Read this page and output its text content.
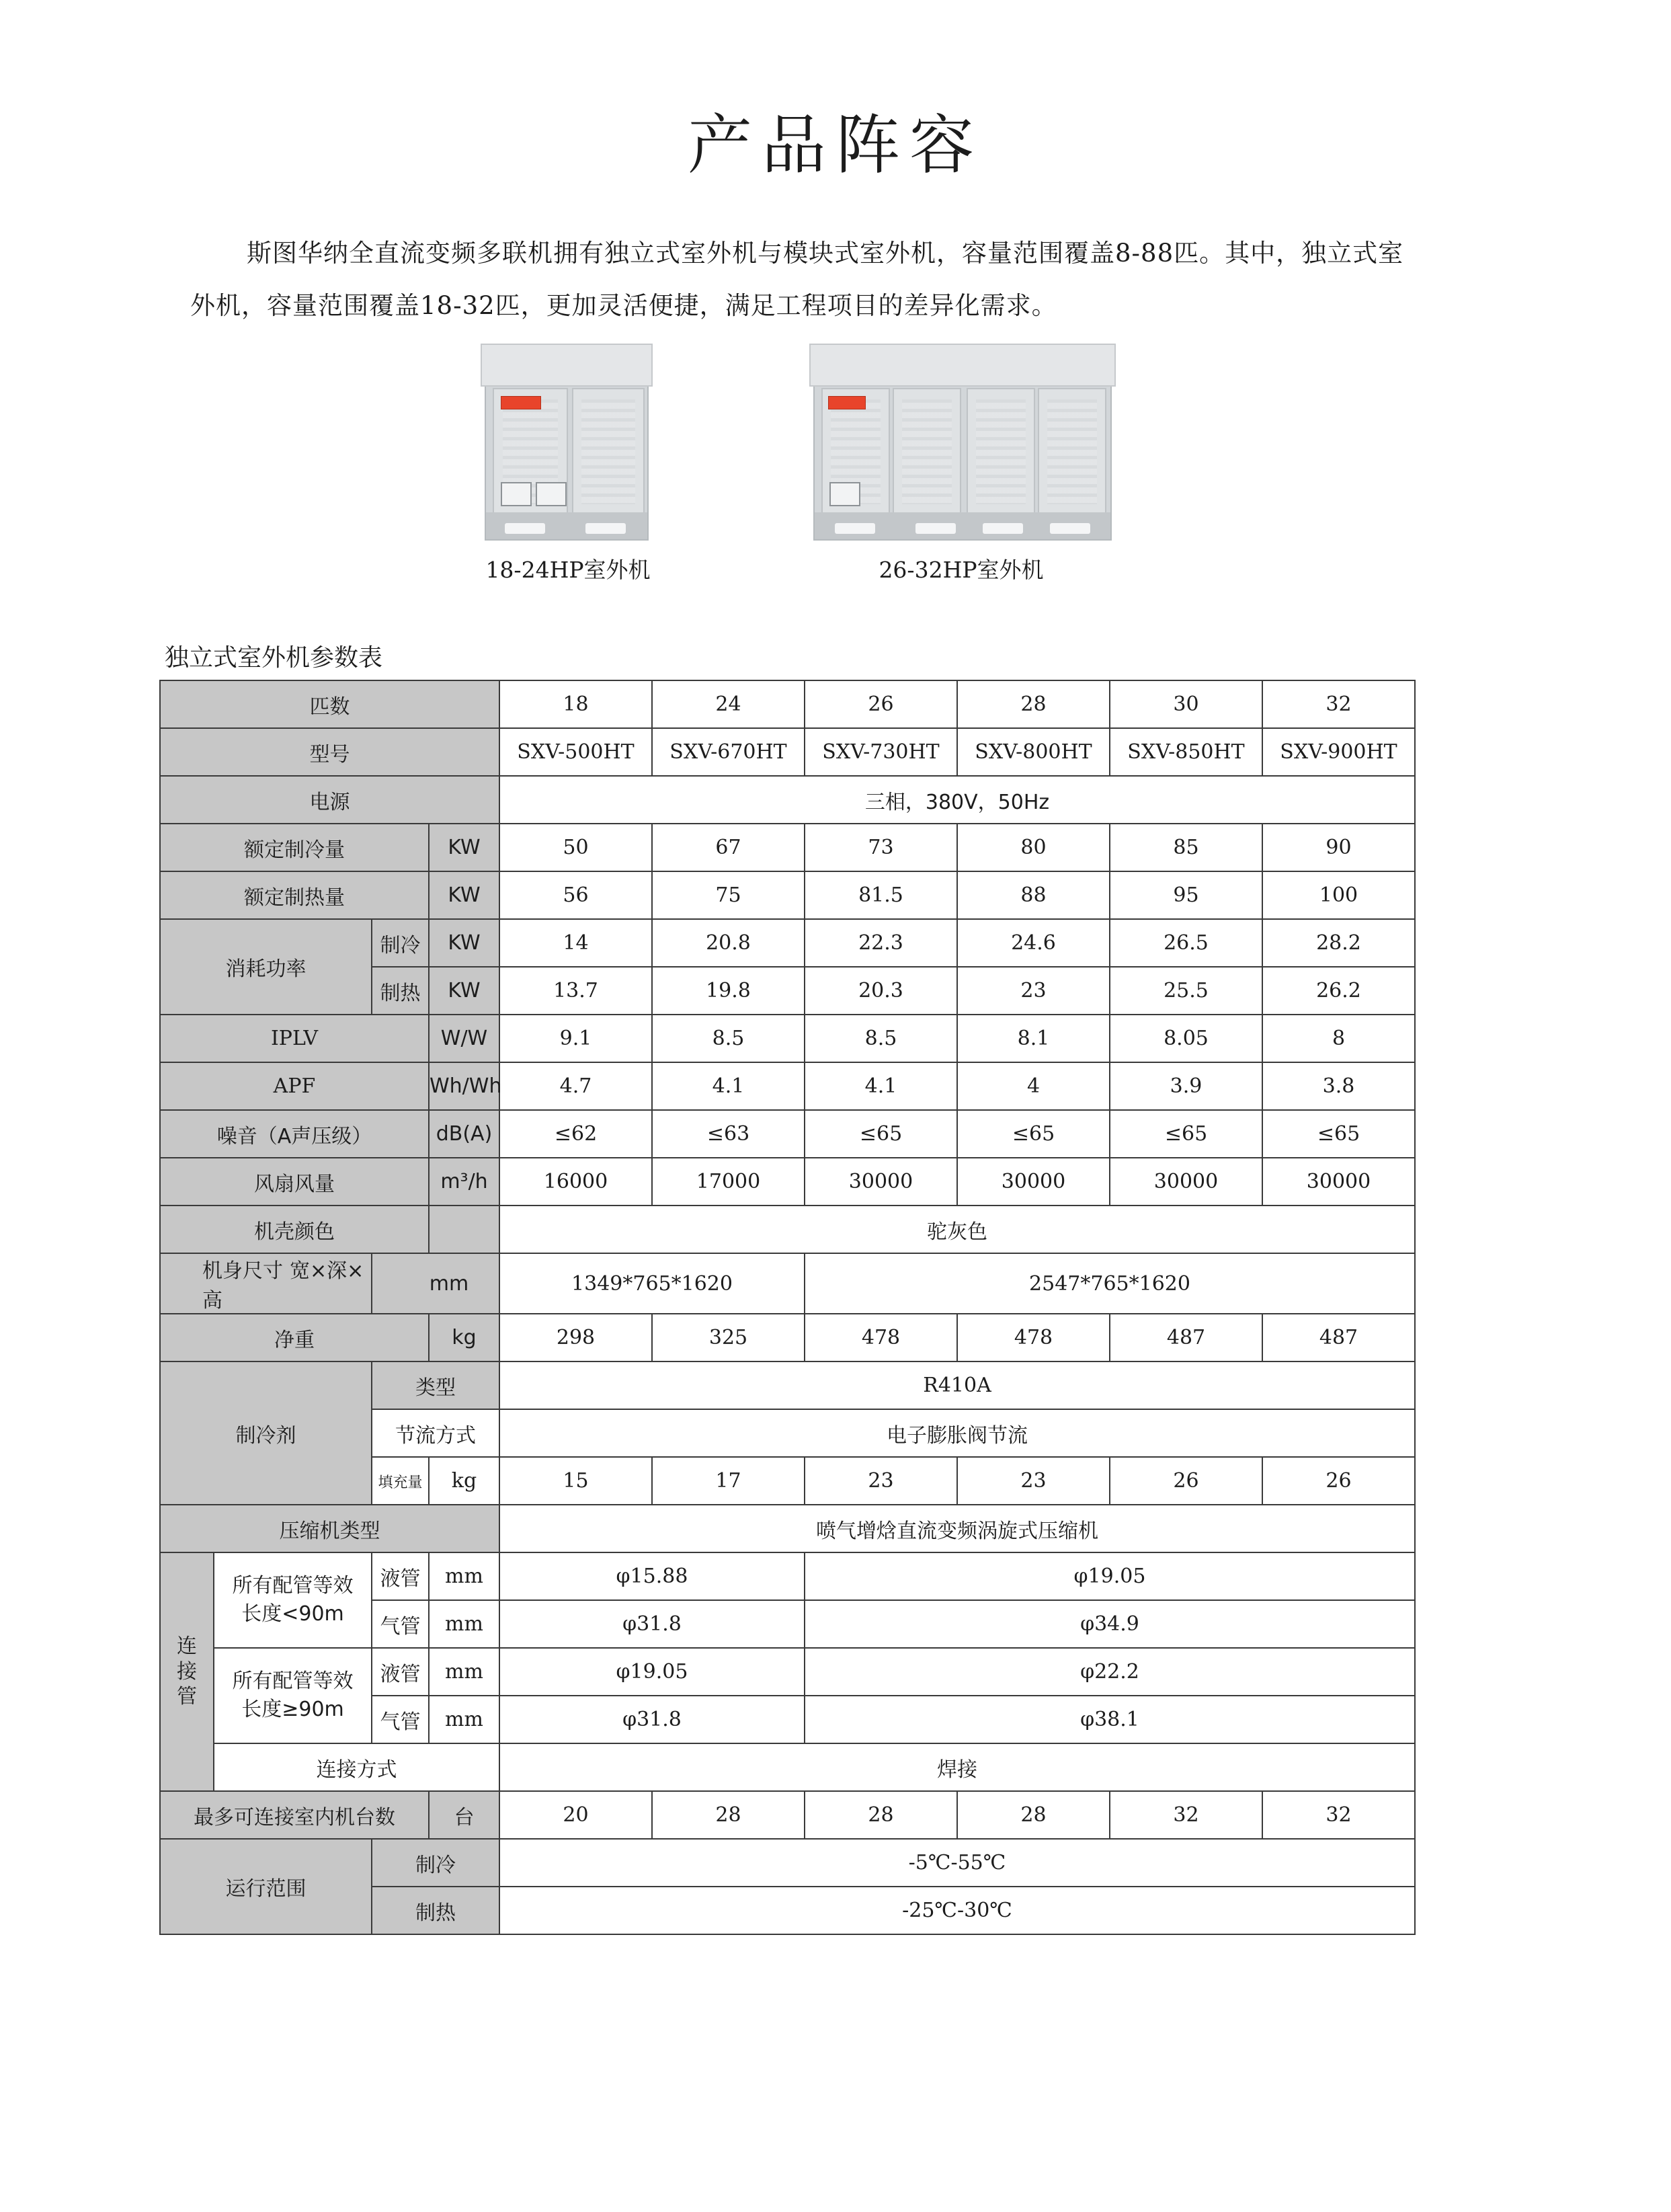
产品阵容

斯图华纳全直流变频多联机拥有独立式室外机与模块式室外机，容量范围覆盖8-88匹。其中，独立式室外机，容量范围覆盖18-32匹，更加灵活便捷，满足工程项目的差异化需求。

18-24HP室外机	26-32HP室外机
独立式室外机参数表
匹数				18	24	26	28	30	32
型号				SXV-500HT	SXV-670HT	SXV-730HT	SXV-800HT	SXV-850HT	SXV-900HT
电源				三相，380V，50Hz					
额定制冷量			KW	50	67	73	80	85	90
额定制热量			KW	56	75	81.5	88	95	100
消耗功率		制冷	KW	14	20.8	22.3	24.6	26.5	28.2
		制热	KW	13.7	19.8	20.3	23	25.5	26.2
IPLV			W/W	9.1	8.5	8.5	8.1	8.05	8
APF			Wh/Wh	4.7	4.1	4.1	4	3.9	3.8
噪音（A声压级）			dB(A)	≤62	≤63	≤65	≤65	≤65	≤65
风扇风量			m³/h	16000	17000	30000	30000	30000	30000
机壳颜色				驼灰色					
机身尺寸 宽×深×高		mm		1349*765*1620		2547*765*1620			
净重			kg	298	325	478	478	487	487
制冷剂		类型		R410A					
		节流方式		电子膨胀阀节流					
		填充量	kg	15	17	23	23	26	26
压缩机类型				喷气增焓直流变频涡旋式压缩机					
连接管	所有配管等效长度<90m	液管	mm	φ15.88		φ19.05			
		气管	mm	φ31.8		φ34.9			
	所有配管等效长度≥90m	液管	mm	φ19.05		φ22.2			
		气管	mm	φ31.8		φ38.1			
	连接方式			焊接					
最多可连接室内机台数			台	20	28	28	28	32	32
运行范围		制冷		-5℃-55℃					
		制热		-25℃-30℃					
